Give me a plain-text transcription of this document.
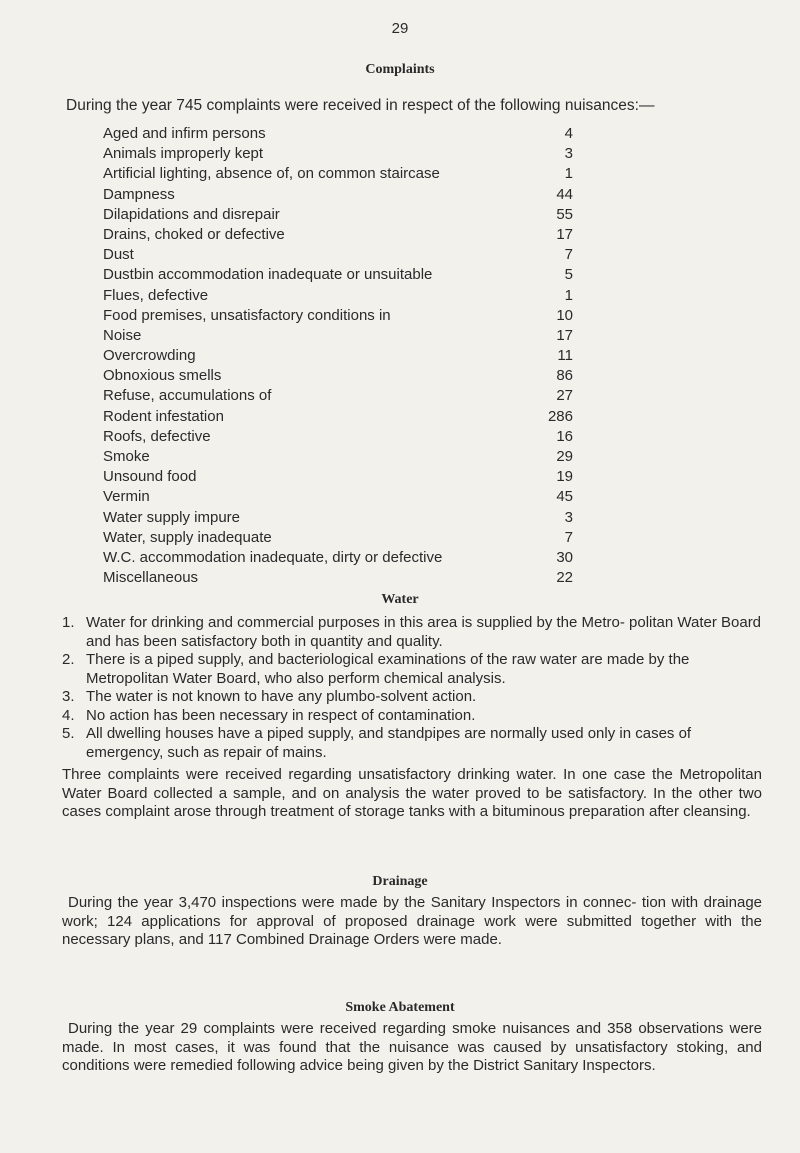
29
Complaints

During the year 745 complaints were received in respect of the following nuisances:—

Aged and infirm persons	4
Animals improperly kept	3
Artificial lighting, absence of, on common staircase	1
Dampness	44
Dilapidations and disrepair	55
Drains, choked or defective	17
Dust	7
Dustbin accommodation inadequate or unsuitable	5
Flues, defective	1
Food premises, unsatisfactory conditions in	10
Noise	17
Overcrowding	11
Obnoxious smells	86
Refuse, accumulations of	27
Rodent infestation	286
Roofs, defective	16
Smoke	29
Unsound food	19
Vermin	45
Water supply impure	3
Water, supply inadequate	7
W.C. accommodation inadequate, dirty or defective	30
Miscellaneous	22
Water
1. Water for drinking and commercial purposes in this area is supplied by the Metro- politan Water Board and has been satisfactory both in quantity and quality.
2. There is a piped supply, and bacteriological examinations of the raw water are made by the Metropolitan Water Board, who also perform chemical analysis.
3. The water is not known to have any plumbo-solvent action.
4. No action has been necessary in respect of contamination.
5. All dwelling houses have a piped supply, and standpipes are normally used only in cases of emergency, such as repair of mains.

Three complaints were received regarding unsatisfactory drinking water. In one case the Metropolitan Water Board collected a sample, and on analysis the water proved to be satisfactory. In the other two cases complaint arose through treatment of storage tanks with a bituminous preparation after cleansing.

Drainage

During the year 3,470 inspections were made by the Sanitary Inspectors in connec- tion with drainage work; 124 applications for approval of proposed drainage work were submitted together with the necessary plans, and 117 Combined Drainage Orders were made.

Smoke Abatement

During the year 29 complaints were received regarding smoke nuisances and 358 observations were made. In most cases, it was found that the nuisance was caused by unsatisfactory stoking, and conditions were remedied following advice being given by the District Sanitary Inspectors.
